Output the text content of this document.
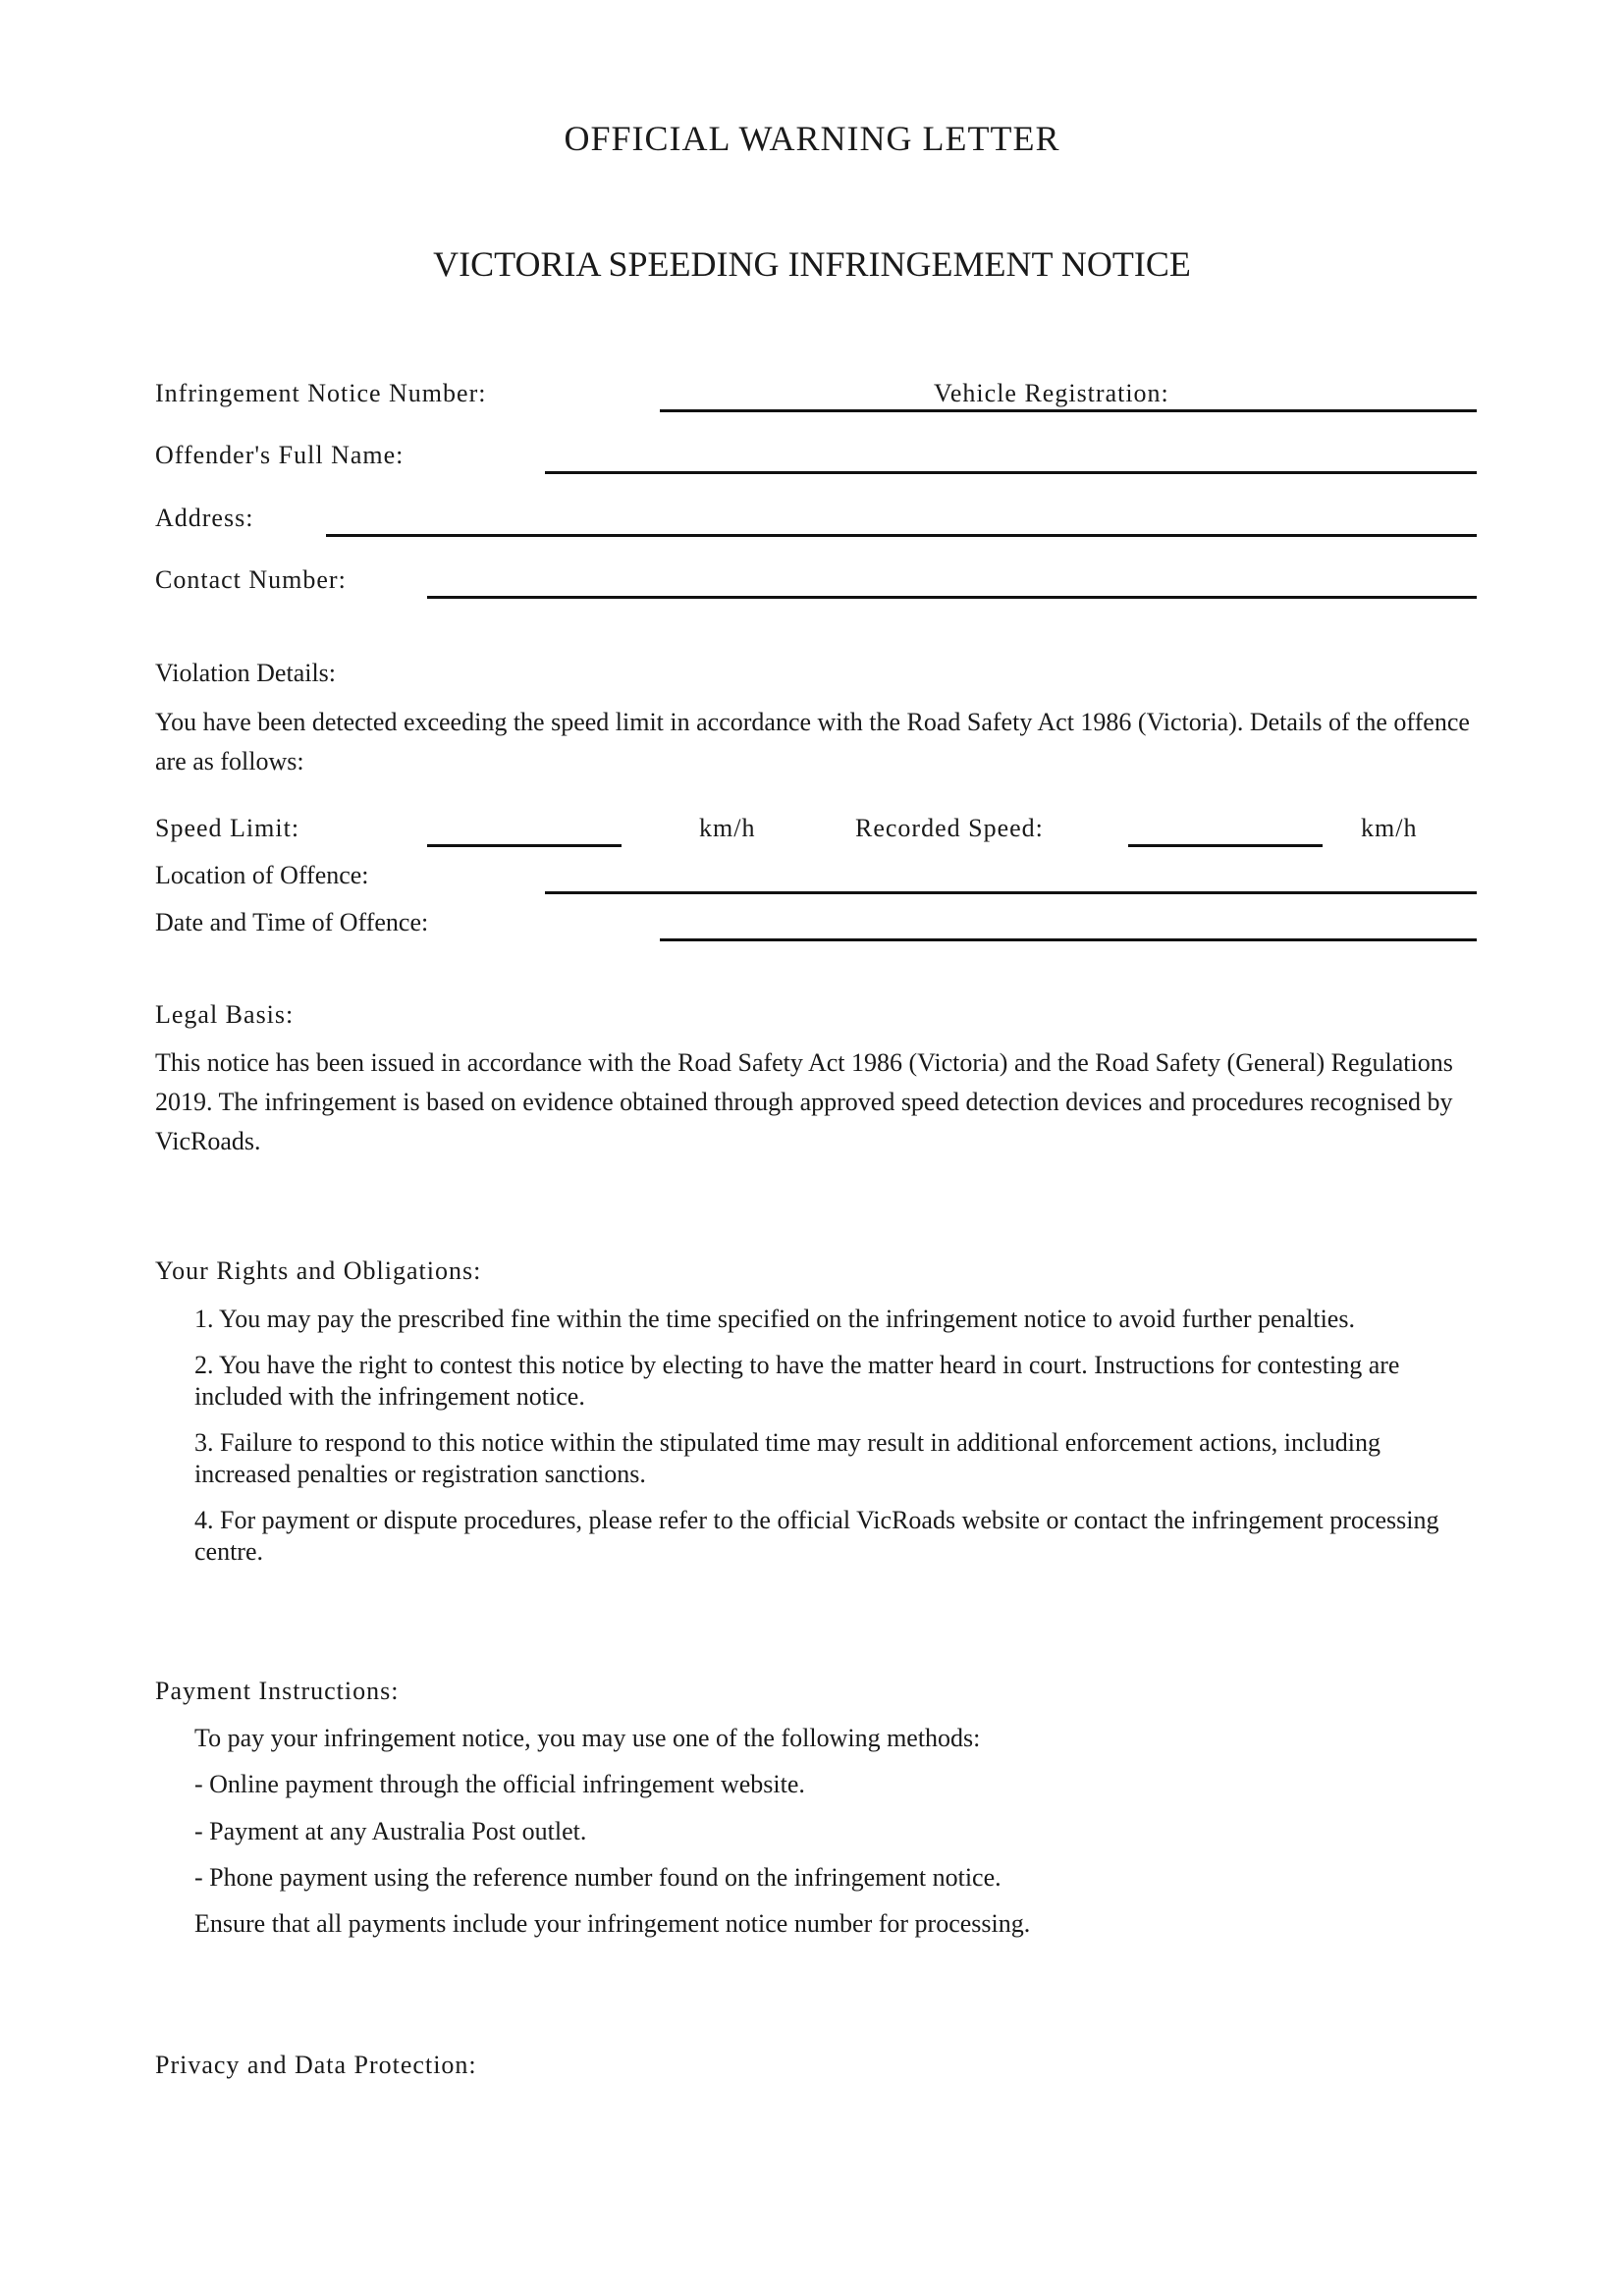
OFFICIAL WARNING LETTER
VICTORIA SPEEDING INFRINGEMENT NOTICE
Infringement Notice Number:	Vehicle Registration:
Offender's Full Name:
Address:
Contact Number:
Violation Details:
You have been detected exceeding the speed limit in accordance with the Road Safety Act 1986 (Victoria). Details of the offence are as follows:
Speed Limit:	km/h	Recorded Speed:	km/h
Location of Offence:
Date and Time of Offence:
Legal Basis:
This notice has been issued in accordance with the Road Safety Act 1986 (Victoria) and the Road Safety (General) Regulations 2019. The infringement is based on evidence obtained through approved speed detection devices and procedures recognised by VicRoads.
Your Rights and Obligations:
1. You may pay the prescribed fine within the time specified on the infringement notice to avoid further penalties.
2. You have the right to contest this notice by electing to have the matter heard in court. Instructions for contesting are included with the infringement notice.
3. Failure to respond to this notice within the stipulated time may result in additional enforcement actions, including increased penalties or registration sanctions.
4. For payment or dispute procedures, please refer to the official VicRoads website or contact the infringement processing centre.
Payment Instructions:
To pay your infringement notice, you may use one of the following methods:
- Online payment through the official infringement website.
- Payment at any Australia Post outlet.
- Phone payment using the reference number found on the infringement notice.
Ensure that all payments include your infringement notice number for processing.
Privacy and Data Protection:
